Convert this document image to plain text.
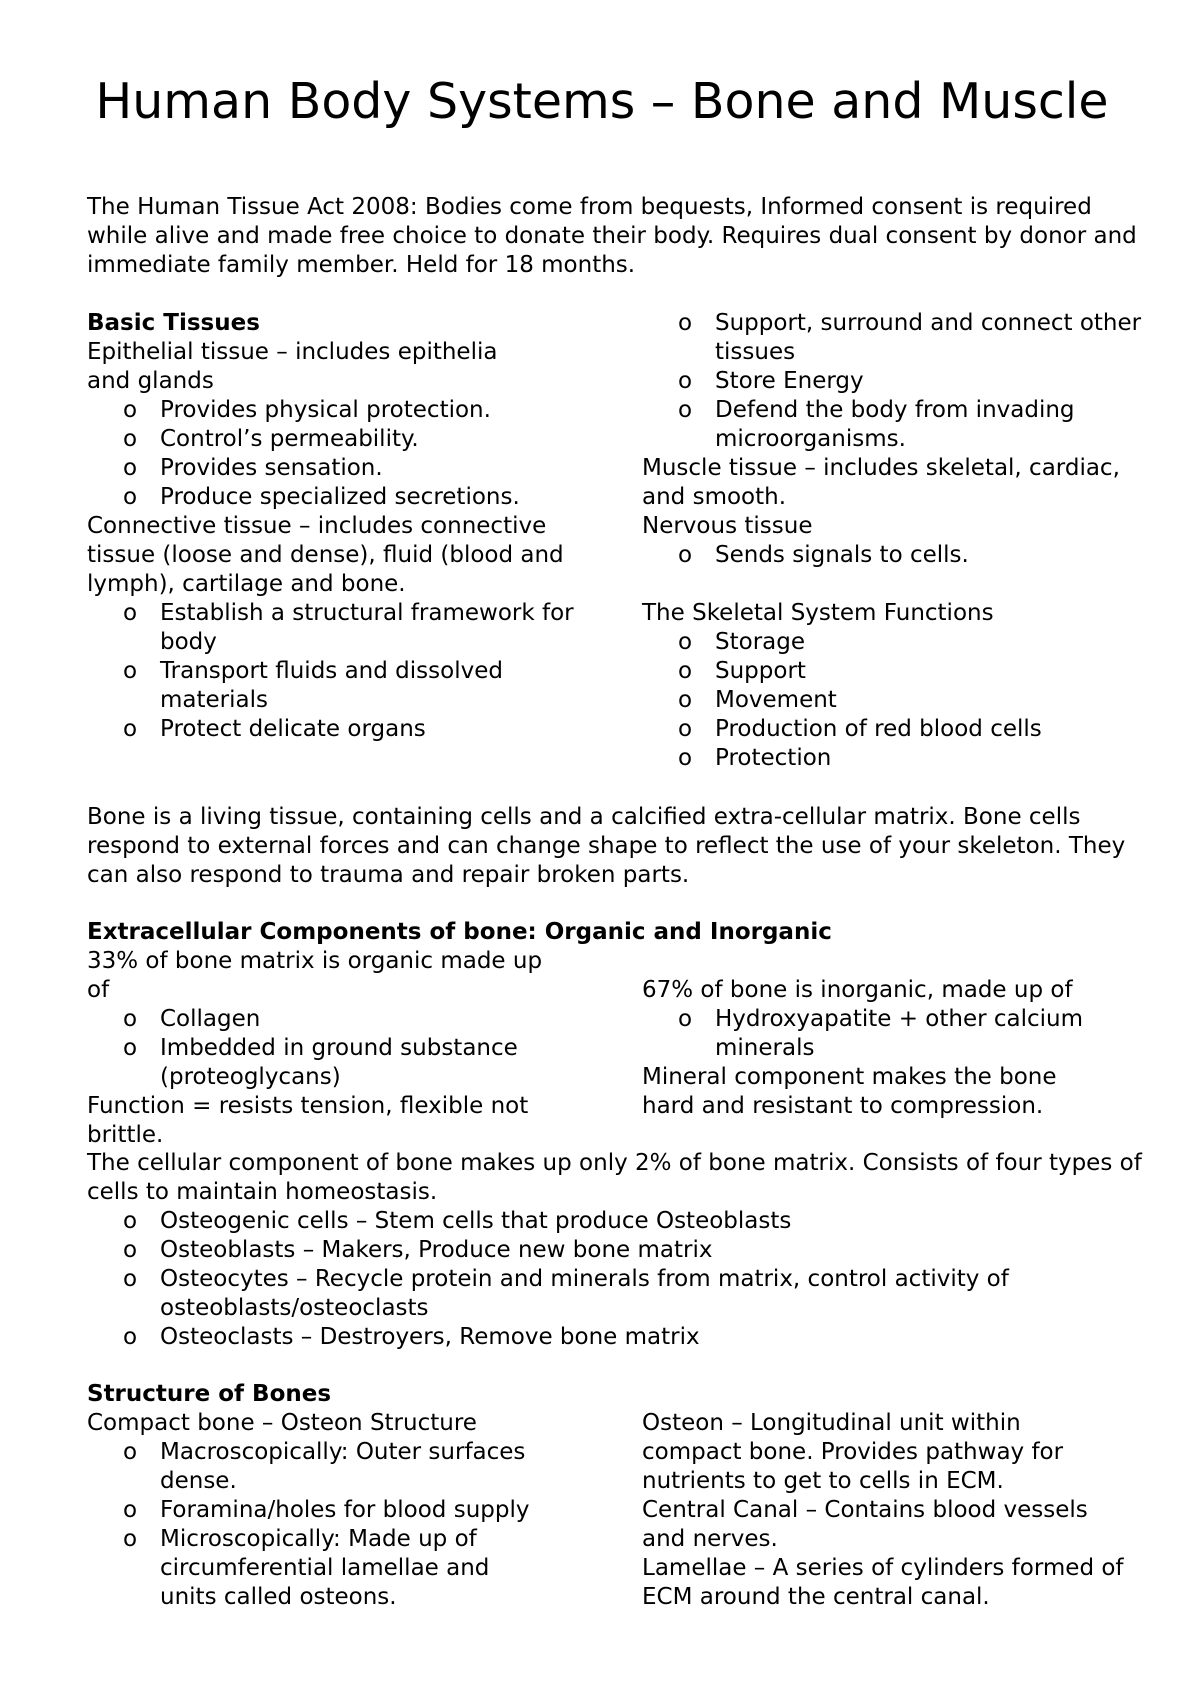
Human Body Systems – Bone and Muscle

The Human Tissue Act 2008: Bodies come from bequests, Informed consent is required while alive and made free choice to donate their body. Requires dual consent by donor and immediate family member. Held for 18 months.

Basic Tissues

Epithelial tissue – includes epithelia and glands

o Provides physical protection.
o Control’s permeability.
o Provides sensation.
o Produce specialized secretions.

Connective tissue – includes connective tissue (loose and dense), fluid (blood and lymph), cartilage and bone.

o Establish a structural framework for body
o Transport fluids and dissolved materials
o Protect delicate organs
o Support, surround and connect other tissues
o Store Energy
o Defend the body from invading microorganisms.

Muscle tissue – includes skeletal, cardiac, and smooth.

Nervous tissue

o Sends signals to cells.

The Skeletal System Functions

o Storage
o Support
o Movement
o Production of red blood cells
o Protection

Bone is a living tissue, containing cells and a calcified extra-cellular matrix. Bone cells respond to external forces and can change shape to reflect the use of your skeleton. They can also respond to trauma and repair broken parts.

Extracellular Components of bone: Organic and Inorganic

33% of bone matrix is organic made up of

o Collagen
o Imbedded in ground substance (proteoglycans)

Function = resists tension, flexible not brittle.

67% of bone is inorganic, made up of

o Hydroxyapatite + other calcium minerals

Mineral component makes the bone hard and resistant to compression.

The cellular component of bone makes up only 2% of bone matrix. Consists of four types of cells to maintain homeostasis.

o Osteogenic cells – Stem cells that produce Osteoblasts
o Osteoblasts – Makers, Produce new bone matrix
o Osteocytes – Recycle protein and minerals from matrix, control activity of osteoblasts/osteoclasts
o Osteoclasts – Destroyers, Remove bone matrix

Structure of Bones

Compact bone – Osteon Structure

o Macroscopically: Outer surfaces dense.
o Foramina/holes for blood supply
o Microscopically: Made up of circumferential lamellae and units called osteons.

Osteon – Longitudinal unit within compact bone. Provides pathway for nutrients to get to cells in ECM.

Central Canal – Contains blood vessels and nerves.

Lamellae – A series of cylinders formed of ECM around the central canal.
